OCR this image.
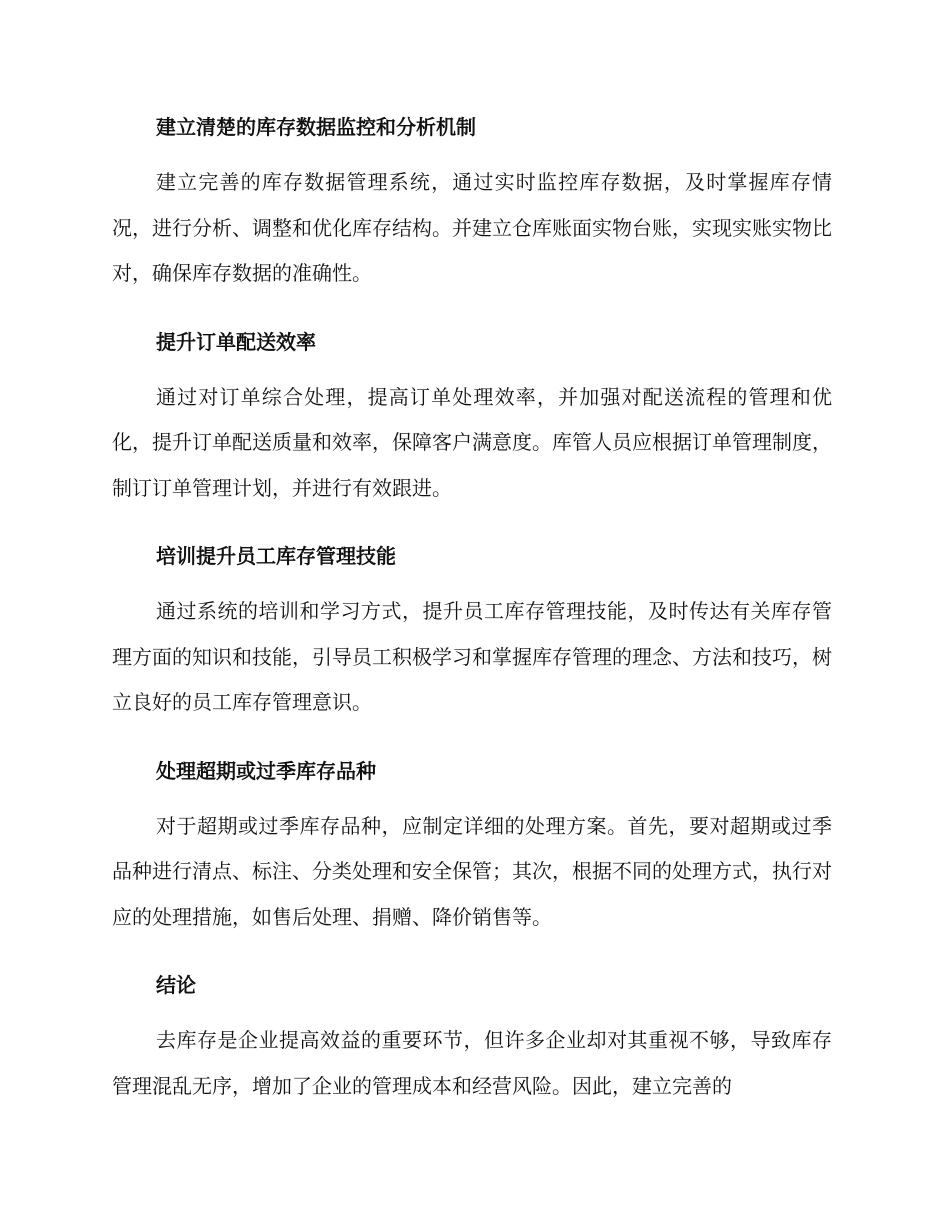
建立清楚的库存数据监控和分析机制

建立完善的库存数据管理系统，通过实时监控库存数据，及时掌握库存情况，进行分析、调整和优化库存结构。并建立仓库账面实物台账，实现实账实物比对，确保库存数据的准确性。

提升订单配送效率

通过对订单综合处理，提高订单处理效率，并加强对配送流程的管理和优化，提升订单配送质量和效率，保障客户满意度。库管人员应根据订单管理制度，制订订单管理计划，并进行有效跟进。

培训提升员工库存管理技能

通过系统的培训和学习方式，提升员工库存管理技能，及时传达有关库存管理方面的知识和技能，引导员工积极学习和掌握库存管理的理念、方法和技巧，树立良好的员工库存管理意识。

处理超期或过季库存品种

对于超期或过季库存品种，应制定详细的处理方案。首先，要对超期或过季品种进行清点、标注、分类处理和安全保管；其次，根据不同的处理方式，执行对应的处理措施，如售后处理、捐赠、降价销售等。

结论

去库存是企业提高效益的重要环节，但许多企业却对其重视不够，导致库存管理混乱无序，增加了企业的管理成本和经营风险。因此，建立完善的
